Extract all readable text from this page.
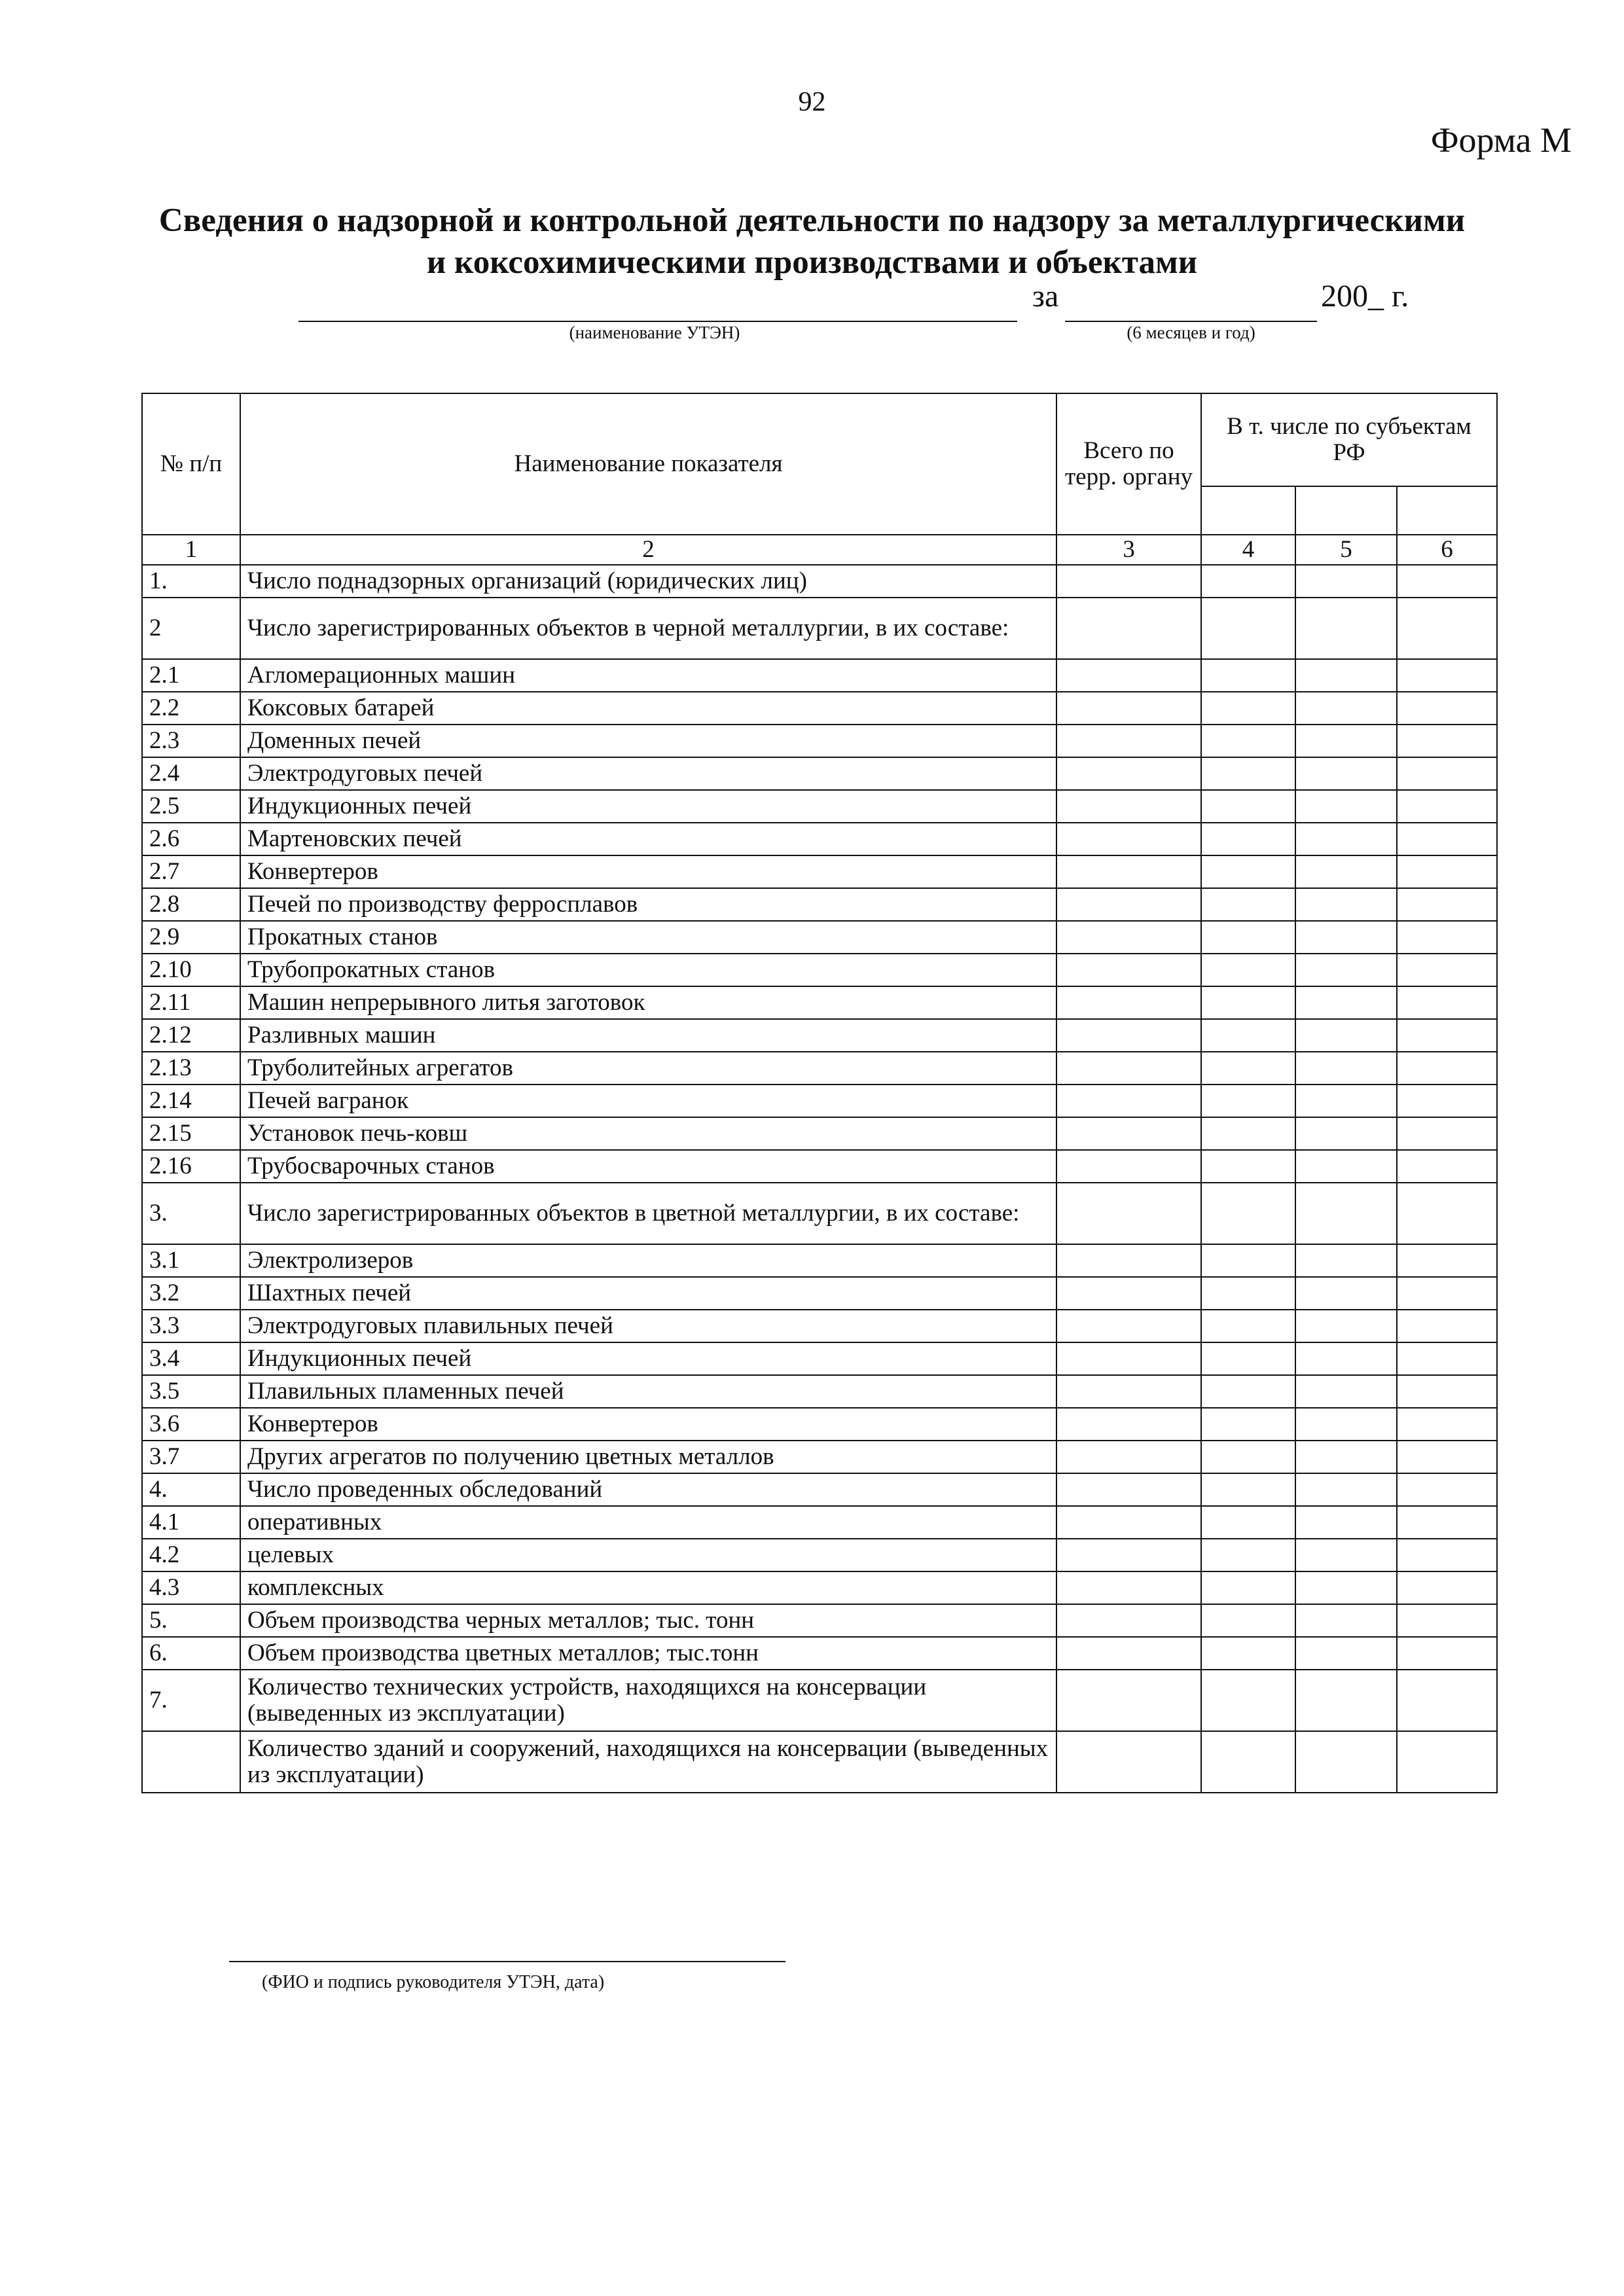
92
Форма М
Сведения о надзорной и контрольной деятельности по надзору за металлургическими
и коксохимическими производствами и объектами
за	200_ г.
(наименование УТЭН)	(6 месяцев и год)
№ п/п	Наименование показателя	Всего по терр. органу	В т. числе по субъектам РФ		

1	2	3	4	5	6
1.	Число поднадзорных организаций (юридических лиц)				
2	Число зарегистрированных объектов в черной металлургии, в их составе:				
2.1	Агломерационных машин				
2.2	Коксовых батарей				
2.3	Доменных печей				
2.4	Электродуговых печей				
2.5	Индукционных печей				
2.6	Мартеновских печей				
2.7	Конвертеров				
2.8	Печей по производству ферросплавов				
2.9	Прокатных станов				
2.10	Трубопрокатных станов				
2.11	Машин непрерывного литья заготовок				
2.12	Разливных машин				
2.13	Труболитейных агрегатов				
2.14	Печей вагранок				
2.15	Установок печь-ковш				
2.16	Трубосварочных станов				
3.	Число зарегистрированных объектов в цветной металлургии, в их составе:				
3.1	Электролизеров				
3.2	Шахтных печей				
3.3	Электродуговых плавильных печей				
3.4	Индукционных печей				
3.5	Плавильных пламенных печей				
3.6	Конвертеров				
3.7	Других агрегатов по получению цветных металлов				
4.	Число проведенных обследований				
4.1	оперативных				
4.2	целевых				
4.3	комплексных				
5.	Объем производства черных металлов; тыс. тонн				
6.	Объем производства цветных металлов; тыс.тонн				
7.	Количество технических устройств, находящихся на консервации (выведенных из эксплуатации)				
	Количество зданий и сооружений, находящихся на консервации (выведенных из эксплуатации)				
(ФИО и подпись руководителя УТЭН, дата)
